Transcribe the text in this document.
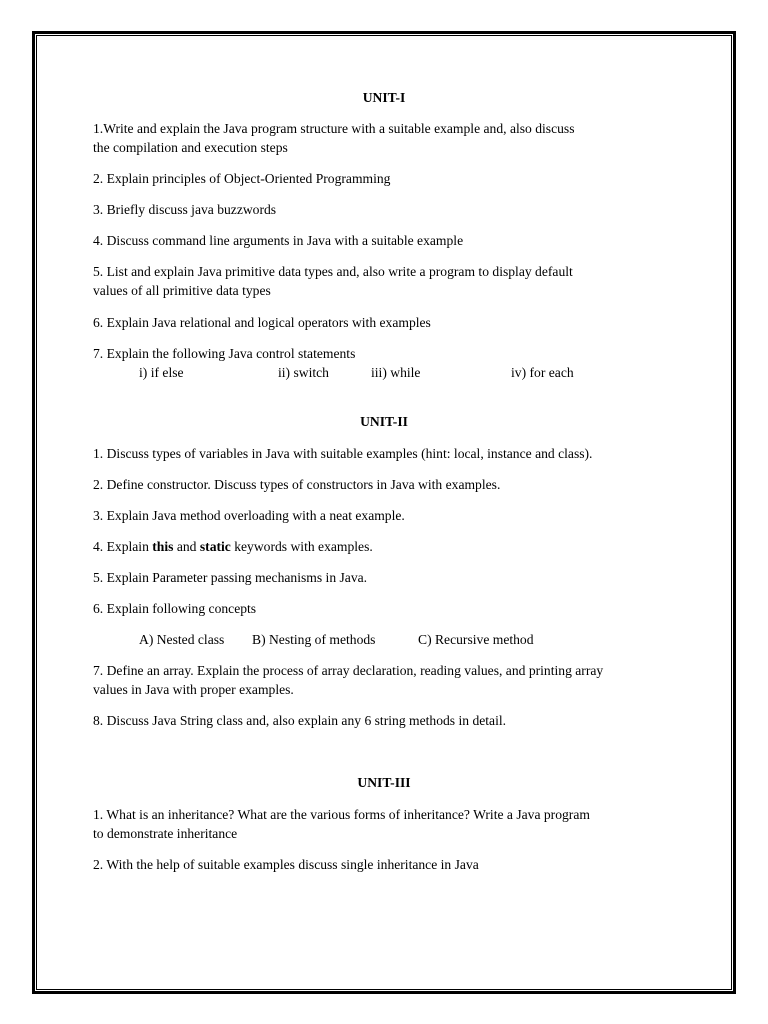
UNIT-I

1.Write and explain the Java program structure with a suitable example and, also discuss
the compilation and execution steps

2. Explain principles of Object-Oriented Programming

3. Briefly discuss java buzzwords

4. Discuss command line arguments in Java with a suitable example

5. List and explain Java primitive data types and, also write a program to display default
values of all primitive data types

6. Explain Java relational and logical operators with examples

7. Explain the following Java control statements

i) if else	ii) switch	iii) while	iv) for each
UNIT-II

1. Discuss types of variables in Java with suitable examples (hint: local, instance and class).

2. Define constructor. Discuss types of constructors in Java with examples.

3. Explain Java method overloading with a neat example.

4. Explain this and static keywords with examples.

5. Explain Parameter passing mechanisms in Java.

6. Explain following concepts

A) Nested class	B) Nesting of methods	C) Recursive method

7. Define an array. Explain the process of array declaration, reading values, and printing array
values in Java with proper examples.

8. Discuss Java String class and, also explain any 6 string methods in detail.

UNIT-III

1. What is an inheritance? What are the various forms of inheritance? Write a Java program
to demonstrate inheritance

2. With the help of suitable examples discuss single inheritance in Java
